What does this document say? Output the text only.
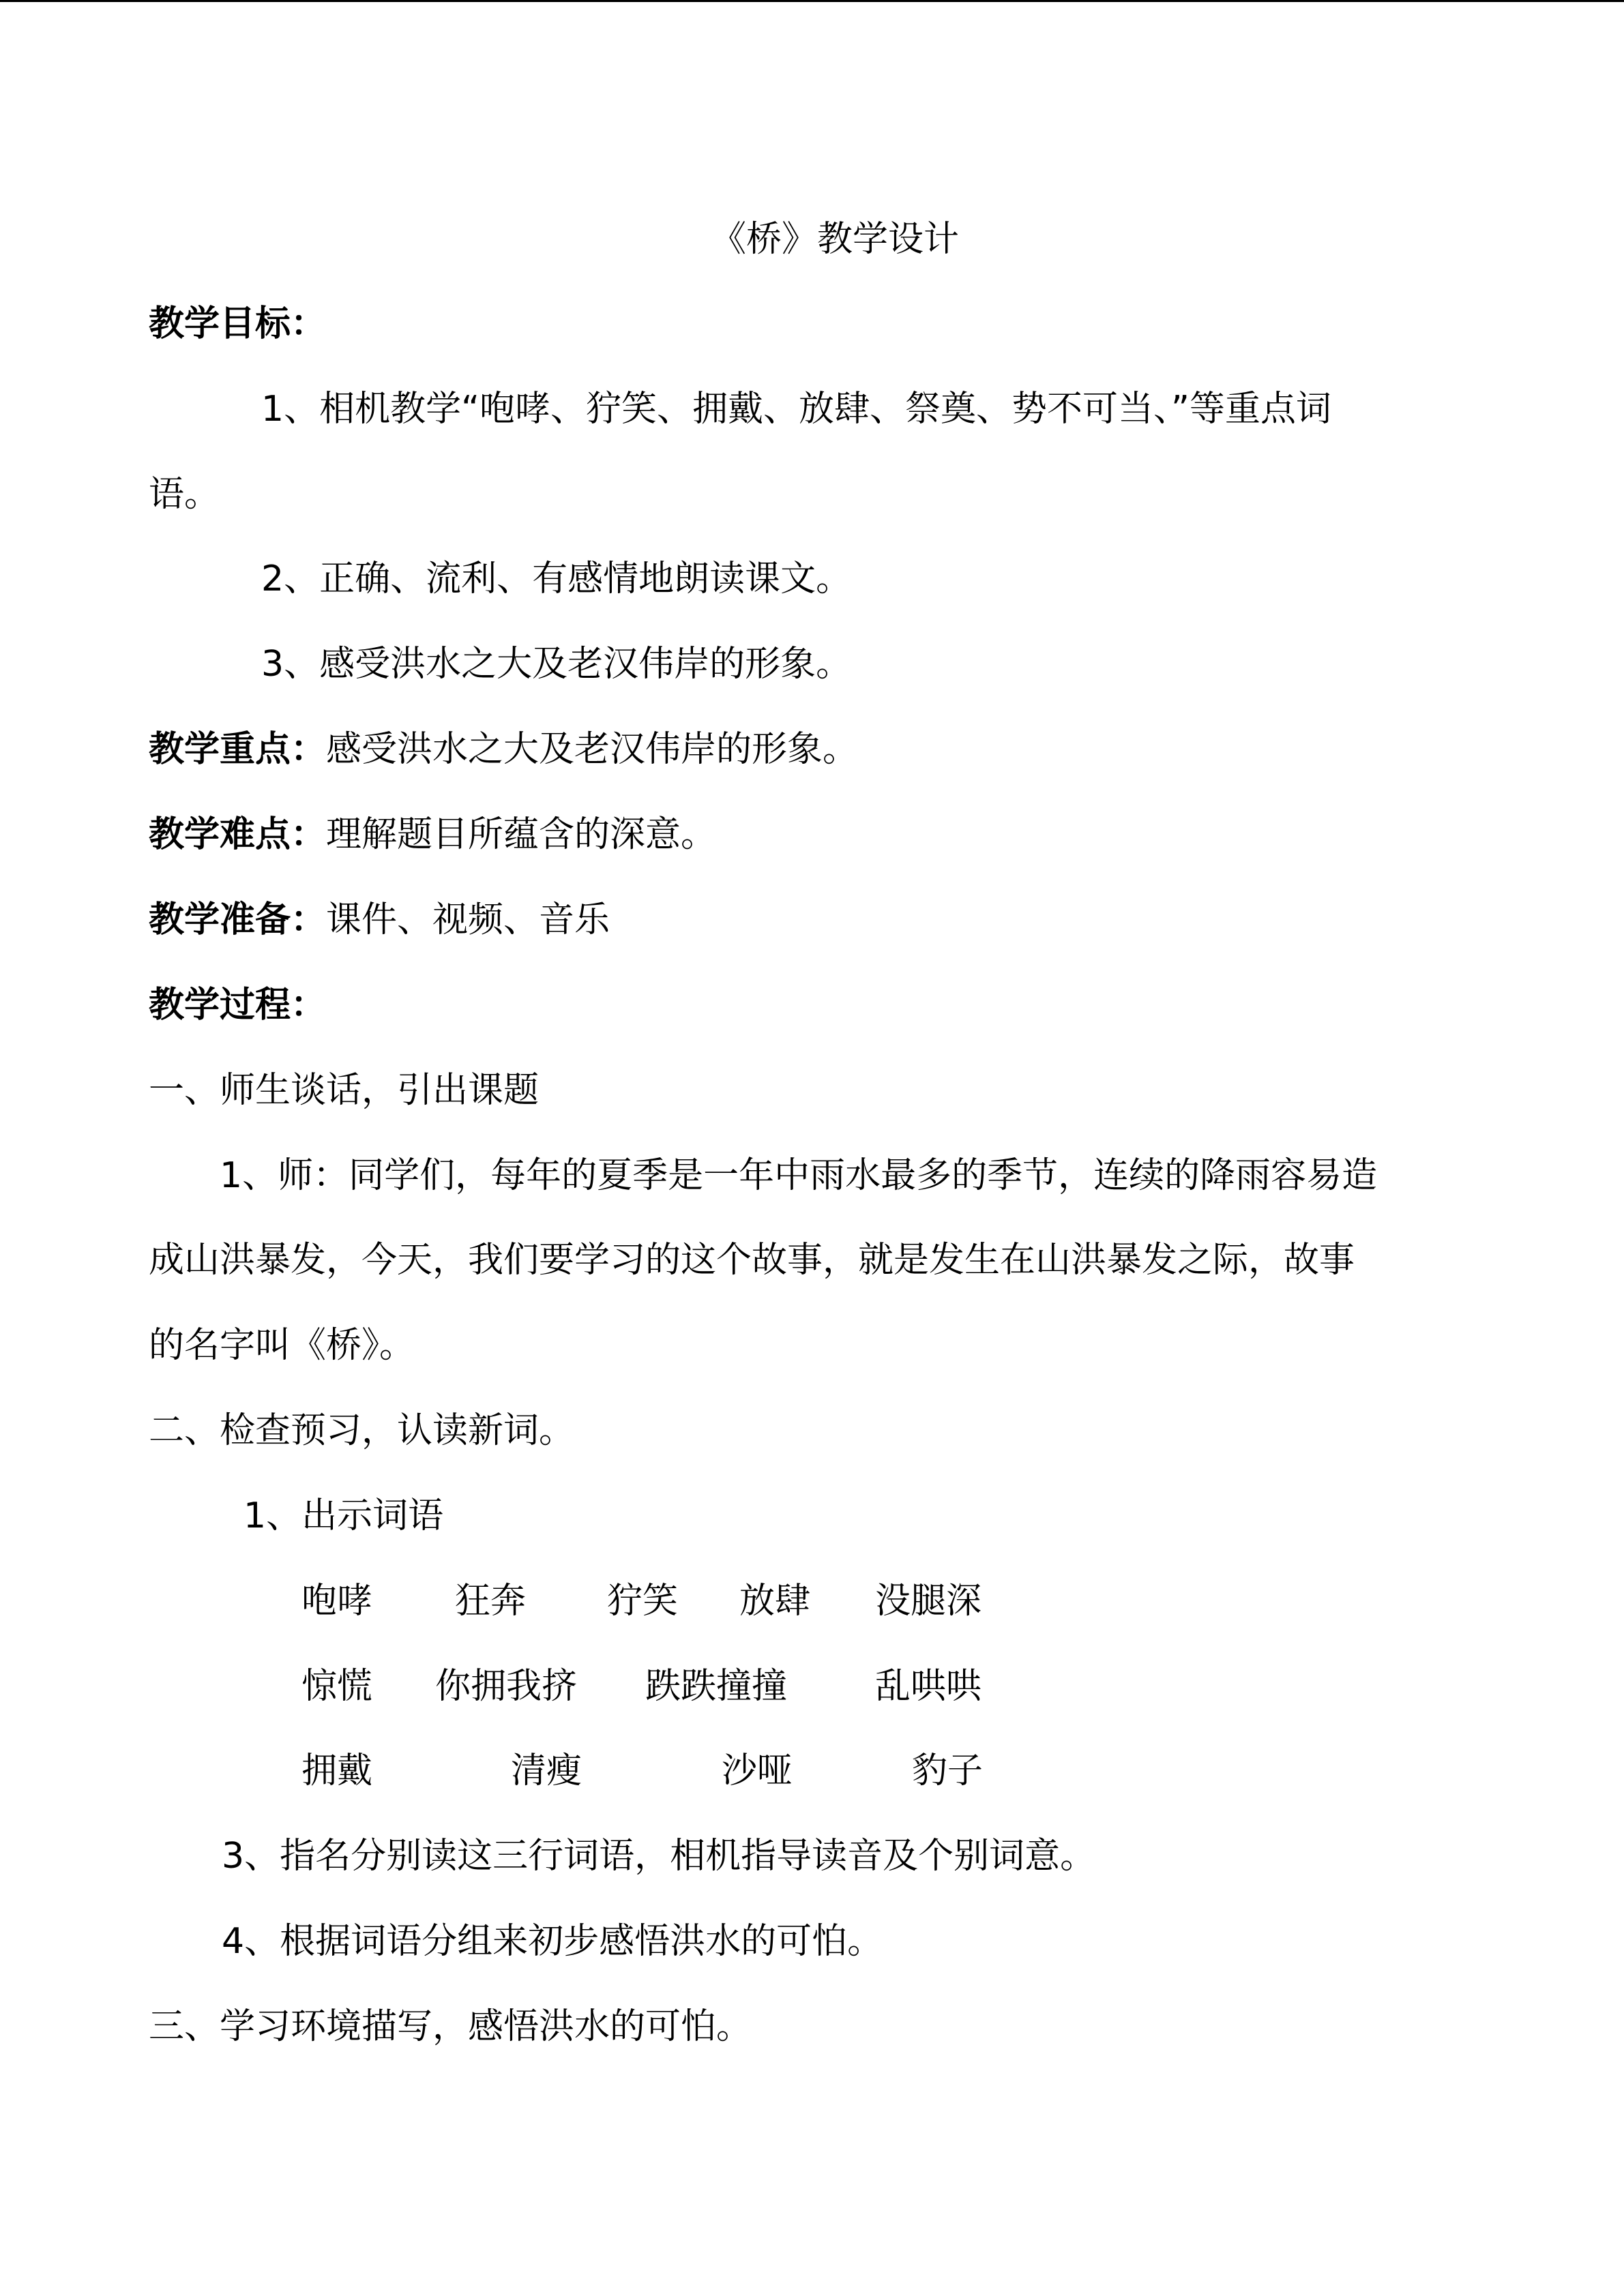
《桥》教学设计
教学目标：
1、相机教学“咆哮、狞笑、拥戴、放肆、祭奠、势不可当、”等重点词
语。
2、正确、流利、有感情地朗读课文。
3、感受洪水之大及老汉伟岸的形象。
教学重点：感受洪水之大及老汉伟岸的形象。
教学难点：理解题目所蕴含的深意。
教学准备：课件、视频、音乐
教学过程：
一、师生谈话，引出课题
1、师：同学们，每年的夏季是一年中雨水最多的季节，连续的降雨容易造
成山洪暴发，今天，我们要学习的这个故事，就是发生在山洪暴发之际，故事
的名字叫《桥》。
二、检查预习，认读新词。
1、出示词语
咆哮 狂奔 狞笑 放肆 没腿深
惊慌 你拥我挤 跌跌撞撞 乱哄哄
拥戴	清瘦	沙哑	豹子
3、指名分别读这三行词语，相机指导读音及个别词意。
4、根据词语分组来初步感悟洪水的可怕。
三、学习环境描写，感悟洪水的可怕。
